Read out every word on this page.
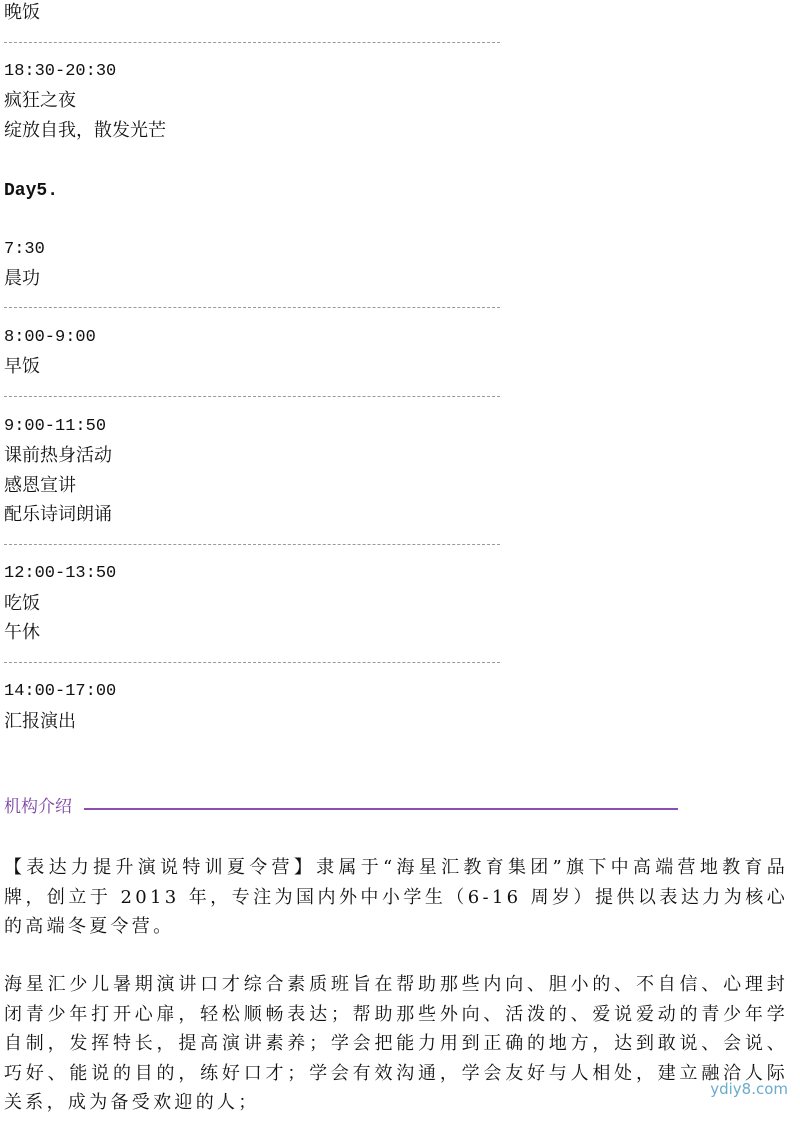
晚饭
18:30-20:30
疯狂之夜
绽放自我，散发光芒
Day5.
7:30
晨功
8:00-9:00
早饭
9:00-11:50
课前热身活动
感恩宣讲
配乐诗词朗诵
12:00-13:50
吃饭
午休
14:00-17:00
汇报演出
机构介绍
【表达力提升演说特训夏令营】隶属于“海星汇教育集团”旗下中高端营地教育品牌，创立于 2013 年，专注为国内外中小学生（6-16 周岁）提供以表达力为核心的高端冬夏令营。
海星汇少儿暑期演讲口才综合素质班旨在帮助那些内向、胆小的、不自信、心理封闭青少年打开心扉，轻松顺畅表达；帮助那些外向、活泼的、爱说爱动的青少年学自制，发挥特长，提高演讲素养；学会把能力用到正确的地方，达到敢说、会说、巧好、能说的目的，练好口才；学会有效沟通，学会友好与人相处，建立融洽人际关系，成为备受欢迎的人；
ydiy8.com
